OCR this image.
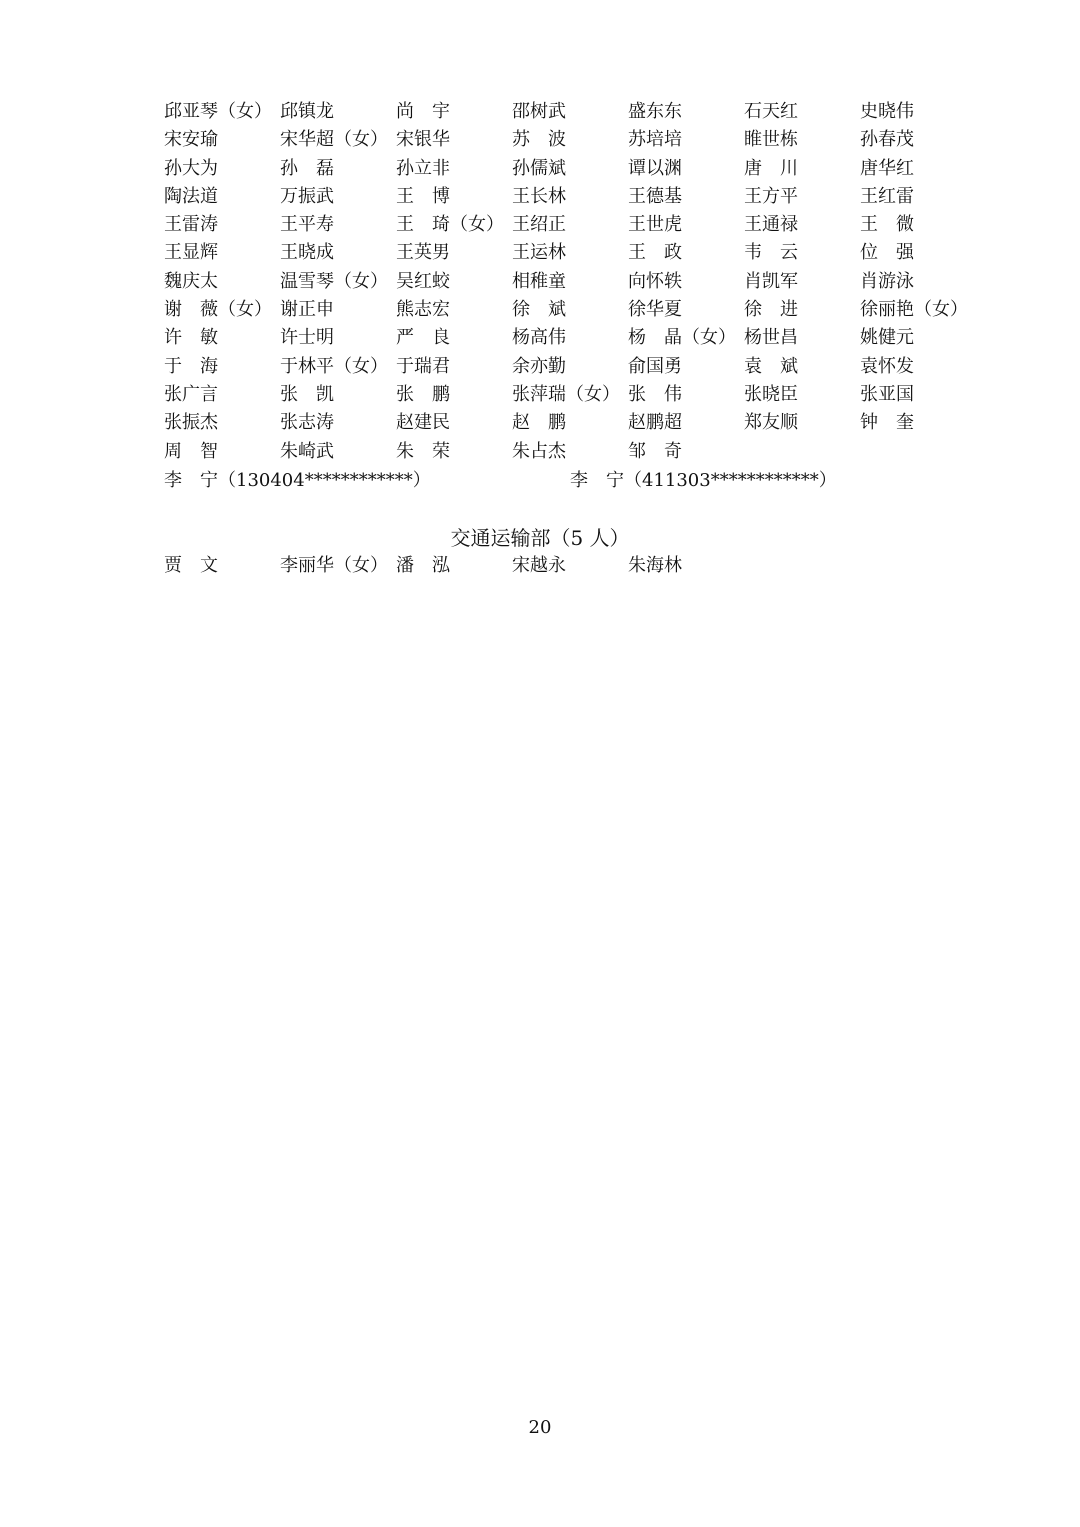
邱亚琴（女） 邱镇龙	尚　宇	邵树武	盛东东	石天红	史晓伟
宋安瑜	宋华超（女） 宋银华	苏　波	苏培培	睢世栋	孙春茂
孙大为	孙　磊	孙立非	孙儒斌	谭以渊	唐　川	唐华红
陶法道	万振武	王　博	王长林	王德基	王方平	王红雷
王雷涛	王平寿	王　琦（女） 王绍正	王世虎	王通禄	王　微
王显辉	王晓成	王英男	王运林	王　政	韦　云	位　强
魏庆太	温雪琴（女） 吴红蛟	相稚童	向怀轶	肖凯军	肖游泳
谢　薇（女） 谢正申	熊志宏	徐　斌	徐华夏	徐　进	徐丽艳（女）
许　敏	许士明	严　良	杨高伟	杨　晶（女） 杨世昌	姚健元
于　海	于林平（女） 于瑞君	余亦勤	俞国勇	袁　斌	袁怀发
张广言	张　凯	张　鹏	张萍瑞（女） 张　伟	张晓臣	张亚国
张振杰	张志涛	赵建民	赵　鹏	赵鹏超	郑友顺	钟　奎
周　智	朱崎武	朱　荣	朱占杰	邹　奇
李　宁（130404************）	李　宁（411303************）
交通运输部（5 人）
贾　文	李丽华（女） 潘　泓	宋越永	朱海林
20
